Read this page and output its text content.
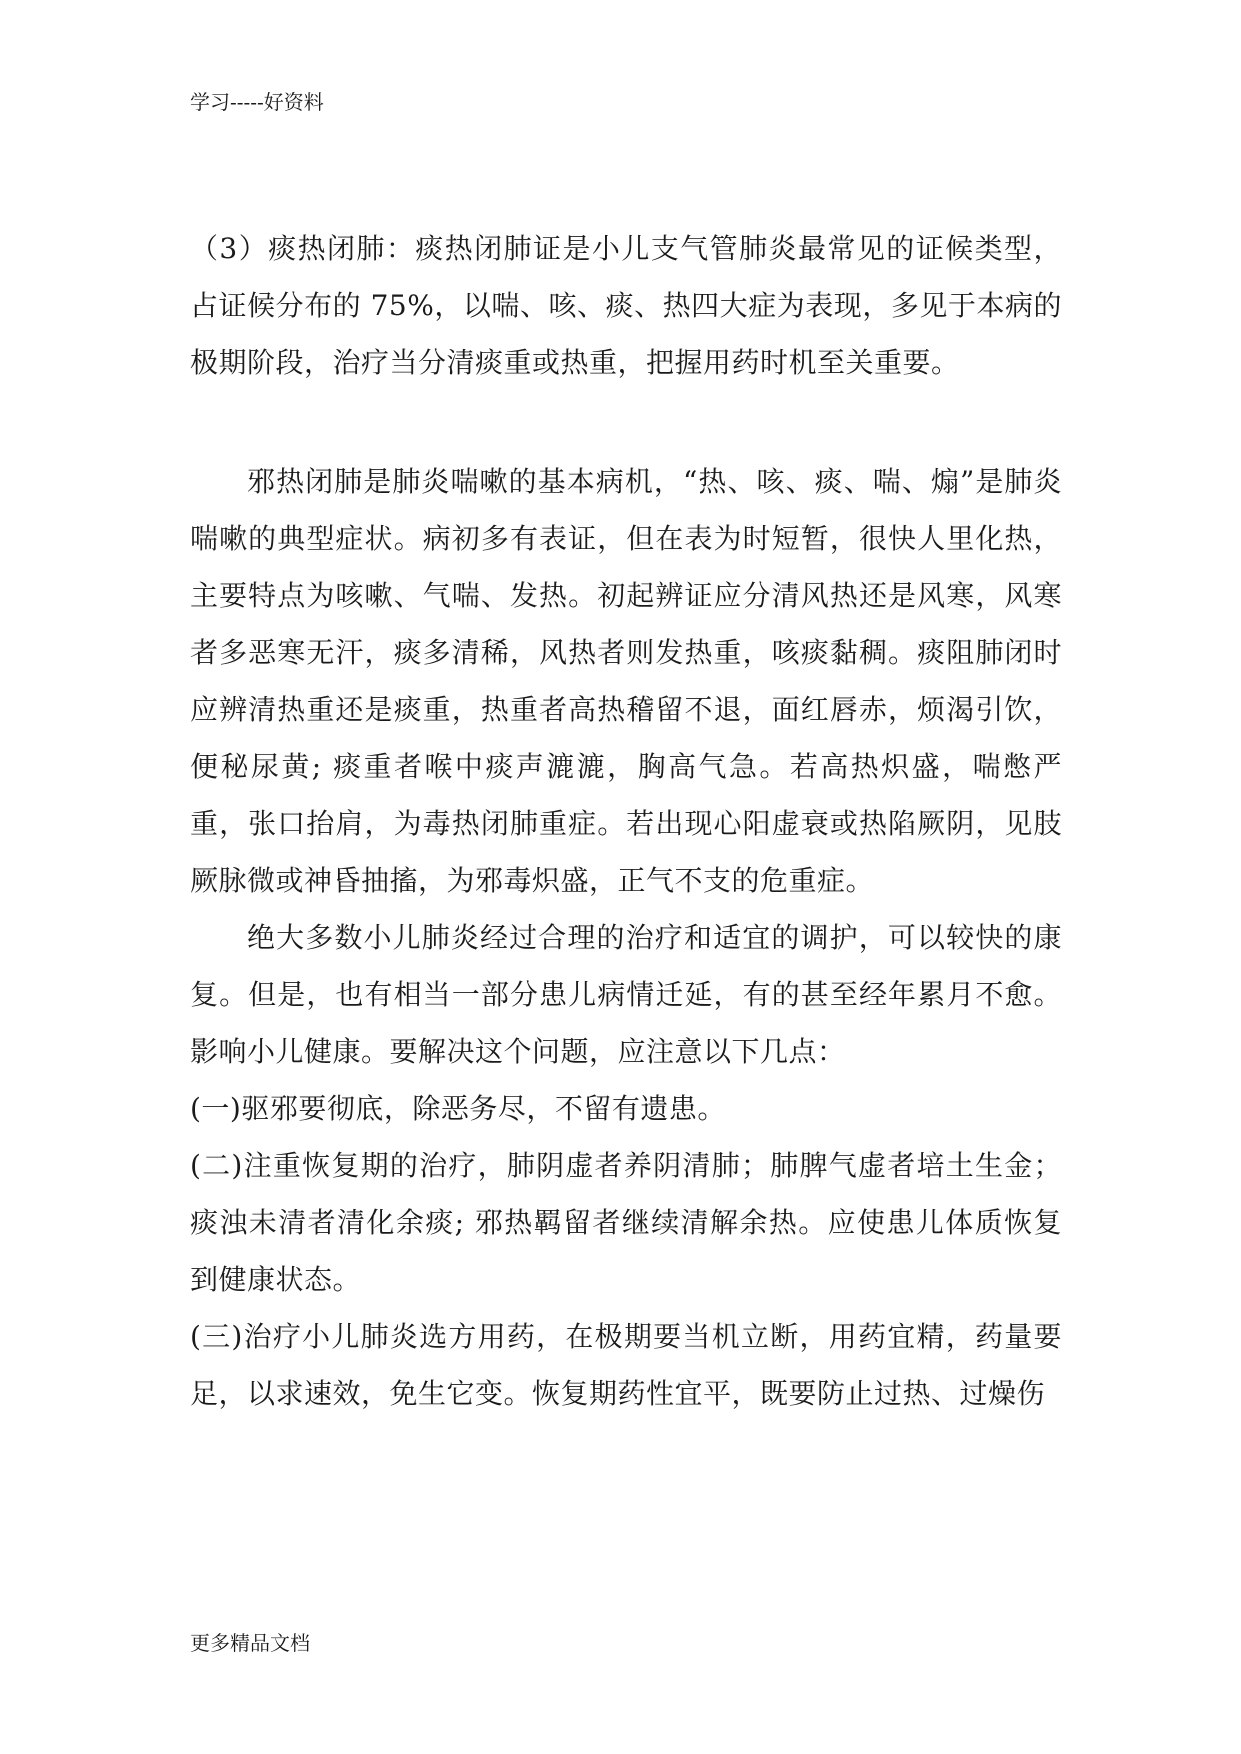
学习-----好资料

（3）痰热闭肺：痰热闭肺证是小儿支气管肺炎最常见的证候类型，占证候分布的 75%，以喘、咳、痰、热四大症为表现，多见于本病的极期阶段，治疗当分清痰重或热重，把握用药时机至关重要。

邪热闭肺是肺炎喘嗽的基本病机，“热、咳、痰、喘、煽”是肺炎喘嗽的典型症状。病初多有表证，但在表为时短暂，很快人里化热，主要特点为咳嗽、气喘、发热。初起辨证应分清风热还是风寒，风寒者多恶寒无汗，痰多清稀，风热者则发热重，咳痰黏稠。痰阻肺闭时应辨清热重还是痰重，热重者高热稽留不退，面红唇赤，烦渴引饮，便秘尿黄; 痰重者喉中痰声漉漉，胸高气急。若高热炽盛，喘憋严重，张口抬肩，为毒热闭肺重症。若出现心阳虚衰或热陷厥阴，见肢厥脉微或神昏抽搐，为邪毒炽盛，正气不支的危重症。

绝大多数小儿肺炎经过合理的治疗和适宜的调护，可以较快的康复。但是，也有相当一部分患儿病情迁延，有的甚至经年累月不愈。影响小儿健康。要解决这个问题，应注意以下几点：

(一)驱邪要彻底，除恶务尽，不留有遗患。

(二)注重恢复期的治疗，肺阴虚者养阴清肺；肺脾气虚者培土生金；痰浊未清者清化余痰; 邪热羁留者继续清解余热。应使患儿体质恢复到健康状态。

(三)治疗小儿肺炎选方用药，在极期要当机立断，用药宜精，药量要足，以求速效，免生它变。恢复期药性宜平，既要防止过热、过燥伤

更多精品文档
